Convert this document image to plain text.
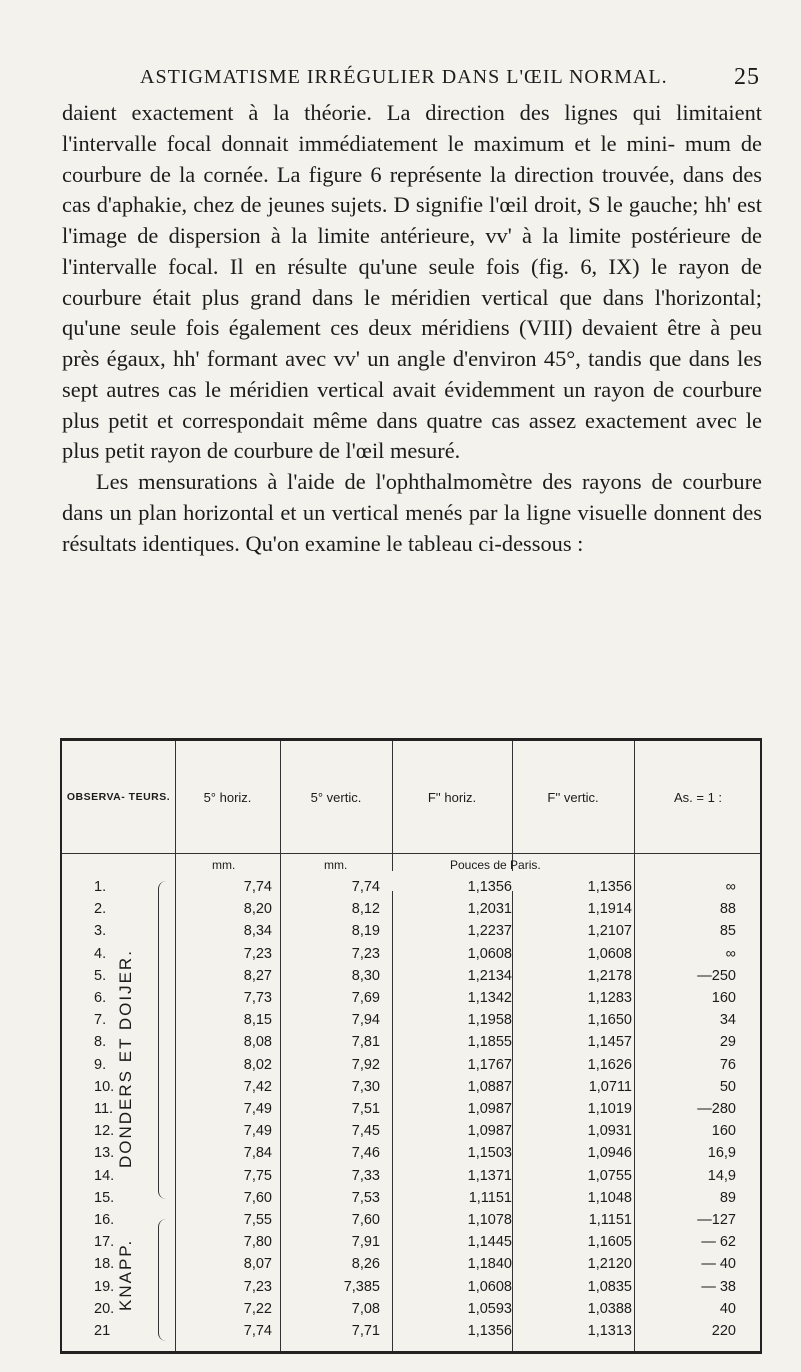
ASTIGMATISME IRRÉGULIER DANS L'ŒIL NORMAL.	25

daient exactement à la théorie. La direction des lignes qui limitaient l'intervalle focal donnait immédiatement le maximum et le mini- mum de courbure de la cornée. La figure 6 représente la direction trouvée, dans des cas d'aphakie, chez de jeunes sujets. D signifie l'œil droit, S le gauche; hh' est l'image de dispersion à la limite antérieure, vv' à la limite postérieure de l'intervalle focal. Il en résulte qu'une seule fois (fig. 6, IX) le rayon de courbure était plus grand dans le méridien vertical que dans l'horizontal; qu'une seule fois également ces deux méridiens (VIII) devaient être à peu près égaux, hh' formant avec vv' un angle d'environ 45°, tandis que dans les sept autres cas le méridien vertical avait évidemment un rayon de courbure plus petit et correspondait même dans quatre cas assez exactement avec le plus petit rayon de courbure de l'œil mesuré.

Les mensurations à l'aide de l'ophthalmomètre des rayons de courbure dans un plan horizontal et un vertical menés par la ligne visuelle donnent des résultats identiques. Qu'on examine le tableau ci-dessous :

OBSERVA- TEURS.	5° horiz.	5° vertic.	F'' horiz.	F'' vertic.	As. = 1 :
mm.	mm.	Pouces de Paris.
DONDERS ET DOIJER.
KNAPP.
1.	7,74	7,74	1,1356	1,1356	∞
2.	8,20	8,12	1,2031	1,1914	88
3.	8,34	8,19	1,2237	1,2107	85
4.	7,23	7,23	1,0608	1,0608	∞
5.	8,27	8,30	1,2134	1,2178	—250
6.	7,73	7,69	1,1342	1,1283	160
7.	8,15	7,94	1,1958	1,1650	34
8.	8,08	7,81	1,1855	1,1457	29
9.	8,02	7,92	1,1767	1,1626	76
10.	7,42	7,30	1,0887	1,0711	50
11.	7,49	7,51	1,0987	1,1019	—280
12.	7,49	7,45	1,0987	1,0931	160
13.	7,84	7,46	1,1503	1,0946	16,9
14.	7,75	7,33	1,1371	1,0755	14,9
15.	7,60	7,53	1,1151	1,1048	89
16.	7,55	7,60	1,1078	1,1151	—127
17.	7,80	7,91	1,1445	1,1605	— 62
18.	8,07	8,26	1,1840	1,2120	— 40
19.	7,23	7,385	1,0608	1,0835	— 38
20.	7,22	7,08	1,0593	1,0388	40
21	7,74	7,71	1,1356	1,1313	220
